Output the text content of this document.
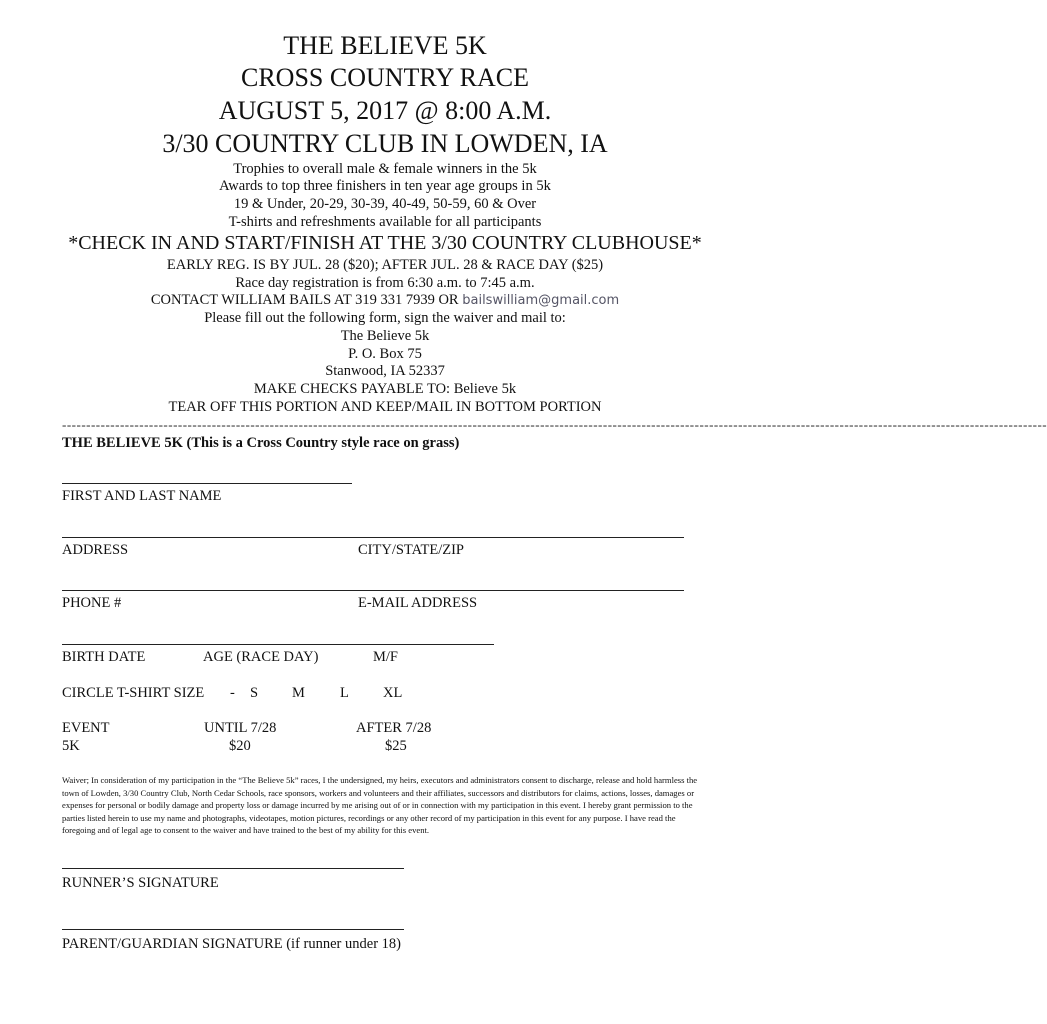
THE BELIEVE 5K
CROSS COUNTRY RACE
AUGUST 5, 2017 @ 8:00 A.M.
3/30 COUNTRY CLUB IN LOWDEN, IA
Trophies to overall male & female winners in the 5k
Awards to top three finishers in ten year age groups in 5k
19 & Under, 20-29, 30-39, 40-49, 50-59, 60 & Over
T-shirts and refreshments available for all participants
*CHECK IN AND START/FINISH AT THE 3/30 COUNTRY CLUBHOUSE*
EARLY REG. IS BY JUL. 28 ($20); AFTER JUL. 28 & RACE DAY ($25)
Race day registration is from 6:30 a.m. to 7:45 a.m.
CONTACT WILLIAM BAILS AT 319 331 7939 OR bailswilliam@gmail.com
Please fill out the following form, sign the waiver and mail to:
The Believe 5k
P. O. Box 75
Stanwood, IA 52337
MAKE CHECKS PAYABLE TO: Believe 5k
TEAR OFF THIS PORTION AND KEEP/MAIL IN BOTTOM PORTION
------------------------------------------------------------------------------------------------------------------------------------------------------------------------------------------------------------
THE BELIEVE 5K (This is a Cross Country style race on grass)
FIRST AND LAST NAME
ADDRESS	CITY/STATE/ZIP
PHONE #	E-MAIL ADDRESS
BIRTH DATE	AGE (RACE DAY)	M/F
CIRCLE T-SHIRT SIZE - S M L XL
EVENT	UNTIL 7/28	AFTER 7/28
5K	$20	$25
Waiver; In consideration of my participation in the “The Believe 5k” races, I the undersigned, my heirs, executors and administrators consent to discharge, release and hold harmless the town of Lowden, 3/30 Country Club, North Cedar Schools, race sponsors, workers and volunteers and their affiliates, successors and distributors for claims, actions, losses, damages or expenses for personal or bodily damage and property loss or damage incurred by me arising out of or in connection with my participation in this event. I hereby grant permission to the parties listed herein to use my name and photographs, videotapes, motion pictures, recordings or any other record of my participation in this event for any purpose. I have read the foregoing and of legal age to consent to the waiver and have trained to the best of my ability for this event.
RUNNER’S SIGNATURE
PARENT/GUARDIAN SIGNATURE (if runner under 18)
